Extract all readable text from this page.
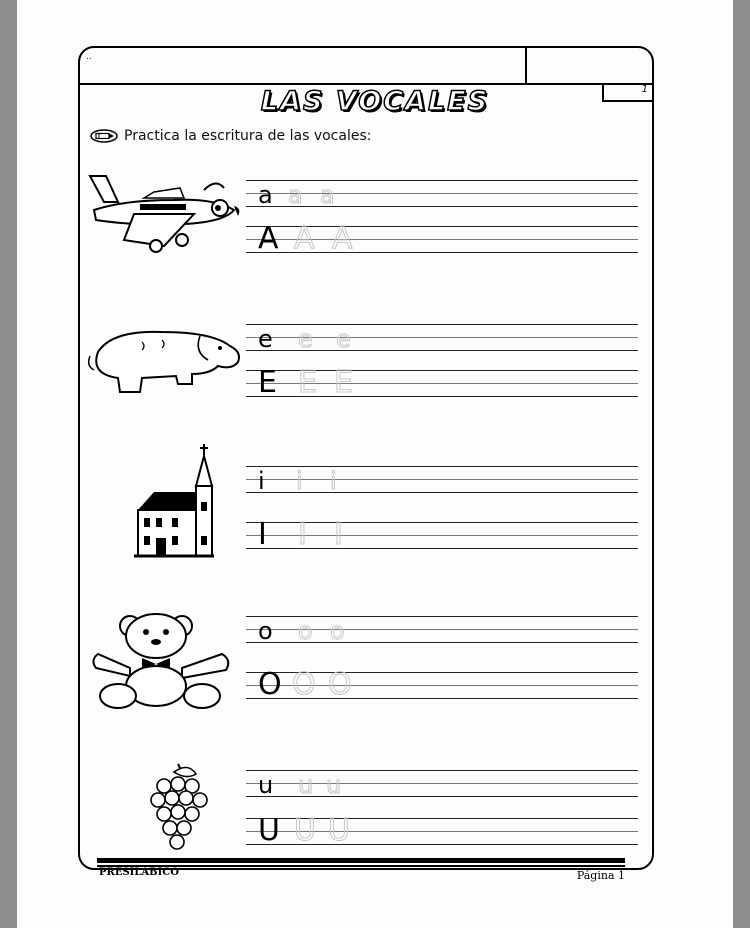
..
1
LAS VOCALES
Practica la escritura de las vocales:
a a a
A A A
e e e
E E E
i i i
I I I
o o o
O O O
u u u
U U U
PRESILÁBICO	Página 1
